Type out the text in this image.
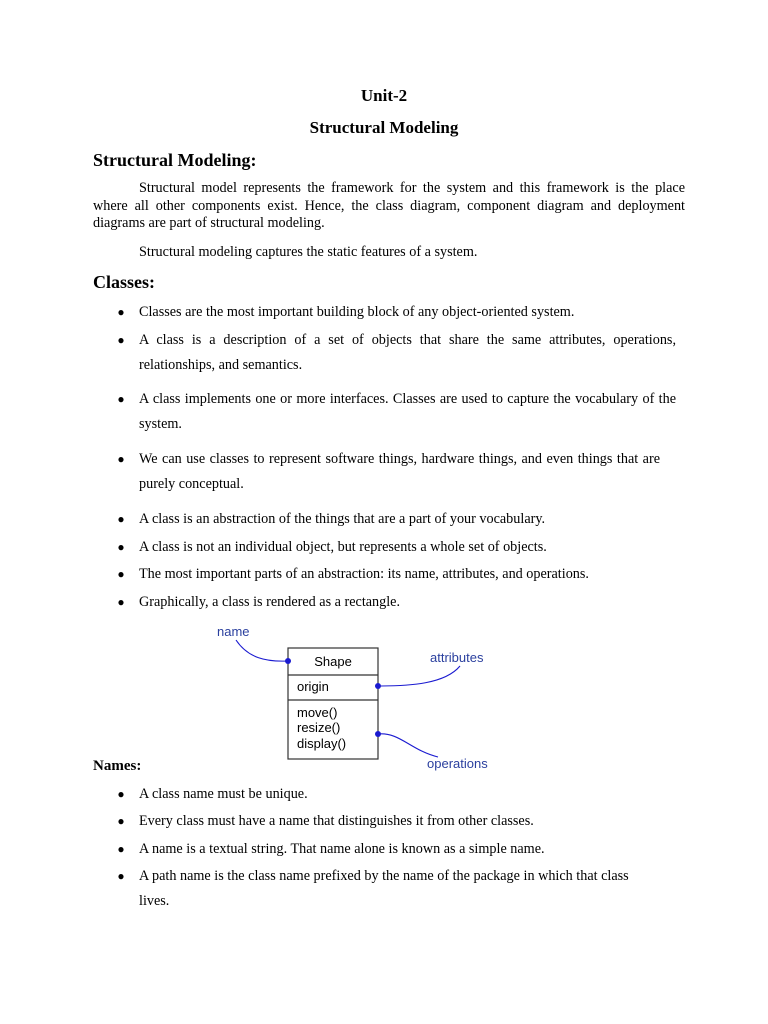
Unit-2
Structural Modeling
Structural Modeling:
Structural model represents the framework for the system and this framework is the place where all other components exist. Hence, the class diagram, component diagram and deployment diagrams are part of structural modeling.
Structural modeling captures the static features of a system.
Classes:
● Classes are the most important building block of any object-oriented system.
● A class is a description of a set of objects that share the same attributes, operations, relationships, and semantics.
● A class implements one or more interfaces. Classes are used to capture the vocabulary of the system.
● We can use classes to represent software things, hardware things, and even things that are purely conceptual.
● A class is an abstraction of the things that are a part of your vocabulary.
● A class is not an individual object, but represents a whole set of objects.
● The most important parts of an abstraction: its name, attributes, and operations.
● Graphically, a class is rendered as a rectangle.
Shape
origin
move()
resize()
display()
name
attributes
operations
Names:
● A class name must be unique.
● Every class must have a name that distinguishes it from other classes.
● A name is a textual string. That name alone is known as a simple name.
● A path name is the class name prefixed by the name of the package in which that class lives.
